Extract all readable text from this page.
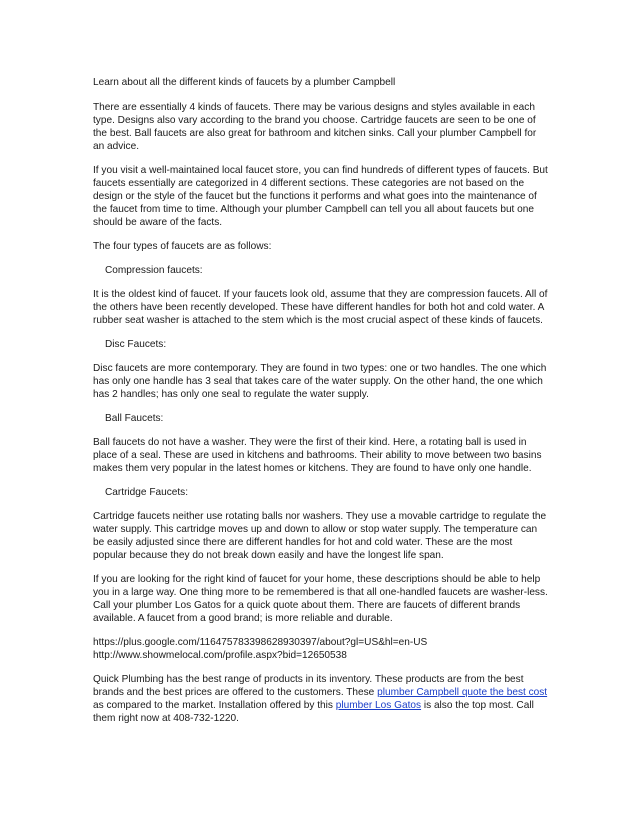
Learn about all the different kinds of faucets by a plumber Campbell

There are essentially 4 kinds of faucets. There may be various designs and styles available in each type. Designs also vary according to the brand you choose. Cartridge faucets are seen to be one of the best. Ball faucets are also great for bathroom and kitchen sinks. Call your plumber Campbell for an advice.

If you visit a well-maintained local faucet store, you can find hundreds of different types of faucets. But faucets essentially are categorized in 4 different sections. These categories are not based on the design or the style of the faucet but the functions it performs and what goes into the maintenance of the faucet from time to time. Although your plumber Campbell can tell you all about faucets but one should be aware of the facts.

The four types of faucets are as follows:

Compression faucets:

It is the oldest kind of faucet. If your faucets look old, assume that they are compression faucets. All of the others have been recently developed. These have different handles for both hot and cold water. A rubber seat washer is attached to the stem which is the most crucial aspect of these kinds of faucets.

Disc Faucets:

Disc faucets are more contemporary. They are found in two types: one or two handles. The one which has only one handle has 3 seal that takes care of the water supply. On the other hand, the one which has 2 handles; has only one seal to regulate the water supply.

Ball Faucets:

Ball faucets do not have a washer. They were the first of their kind. Here, a rotating ball is used in place of a seal. These are used in kitchens and bathrooms. Their ability to move between two basins makes them very popular in the latest homes or kitchens. They are found to have only one handle.

Cartridge Faucets:

Cartridge faucets neither use rotating balls nor washers. They use a movable cartridge to regulate the water supply. This cartridge moves up and down to allow or stop water supply. The temperature can be easily adjusted since there are different handles for hot and cold water. These are the most popular because they do not break down easily and have the longest life span.

If you are looking for the right kind of faucet for your home, these descriptions should be able to help you in a large way. One thing more to be remembered is that all one-handled faucets are washer-less. Call your plumber Los Gatos for a quick quote about them. There are faucets of different brands available. A faucet from a good brand; is more reliable and durable.

https://plus.google.com/116475783398628930397/about?gl=US&hl=en-US
http://www.showmelocal.com/profile.aspx?bid=12650538

Quick Plumbing has the best range of products in its inventory. These products are from the best brands and the best prices are offered to the customers. These plumber Campbell quote the best cost as compared to the market. Installation offered by this plumber Los Gatos is also the top most. Call them right now at 408-732-1220.
